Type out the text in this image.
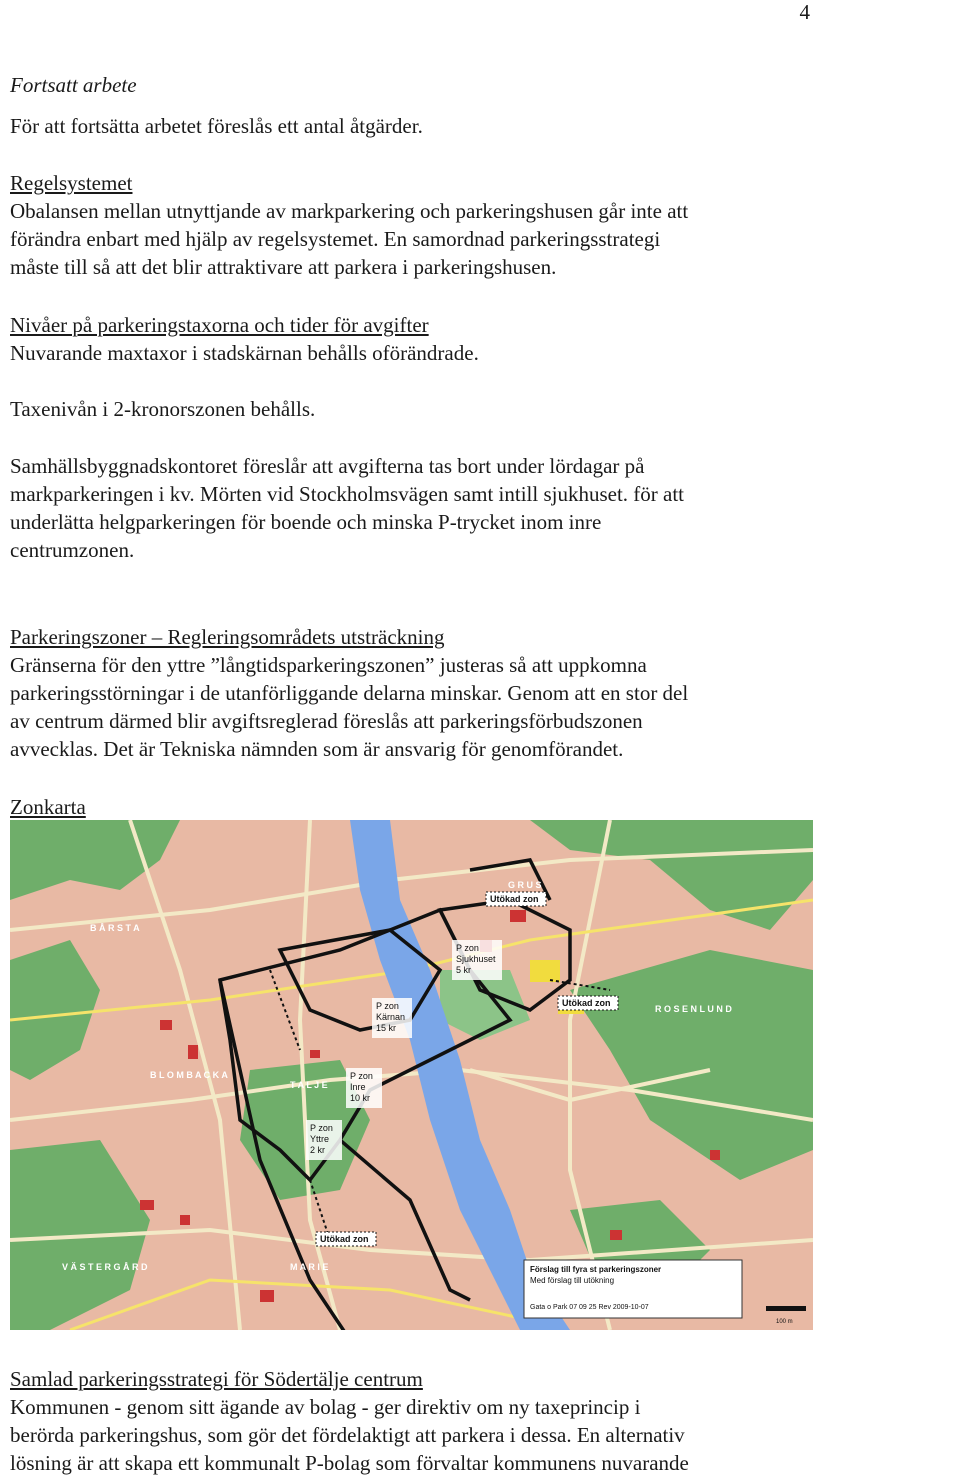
4
Fortsatt arbete
För att fortsätta arbetet föreslås ett antal åtgärder.
Regelsystemet
Obalansen mellan utnyttjande av markparkering och parkeringshusen går inte att
förändra enbart med hjälp av regelsystemet. En samordnad parkeringsstrategi
måste till så att det blir attraktivare att parkera i parkeringshusen.
Nivåer på parkeringstaxorna och tider för avgifter
Nuvarande maxtaxor i stadskärnan behålls oförändrade.
Taxenivån i 2-kronorszonen behålls.
Samhällsbyggnadskontoret föreslår att avgifterna tas bort under lördagar på
markparkeringen i kv. Mörten vid Stockholmsvägen samt intill sjukhuset. för att
underlätta helgparkeringen för boende och minska P-trycket inom inre
centrumzonen.
Parkeringszoner – Regleringsområdets utsträckning
Gränserna för den yttre ”långtidsparkeringszonen” justeras så att uppkomna
parkeringsstörningar i de utanförliggande delarna minskar. Genom att en stor del
av centrum därmed blir avgiftsreglerad föreslås att parkeringsförbudszonen
avvecklas. Det är Tekniska nämnden som är ansvarig för genomförandet.
Zonkarta
G R U S
B Å R S T A
R O S E N L U N D
B L O M B A C K A
T A L J E
V Ä S T E R G Å R D	M A R I E
P zon
Sjukhuset
5 kr
P zon
Kärnan
15 kr
P zon
Inre
10 kr
P zon
Yttre
2 kr
Utökad zon
Utökad zon
Utökad zon
Förslag till fyra st parkeringszoner
Med förslag till utökning
Gata o Park 07 09 25 Rev 2009-10-07
100 m
Samlad parkeringsstrategi för Södertälje centrum
Kommunen - genom sitt ägande av bolag - ger direktiv om ny taxeprincip i
berörda parkeringshus, som gör det fördelaktigt att parkera i dessa. En alternativ
lösning är att skapa ett kommunalt P-bolag som förvaltar kommunens nuvarande
